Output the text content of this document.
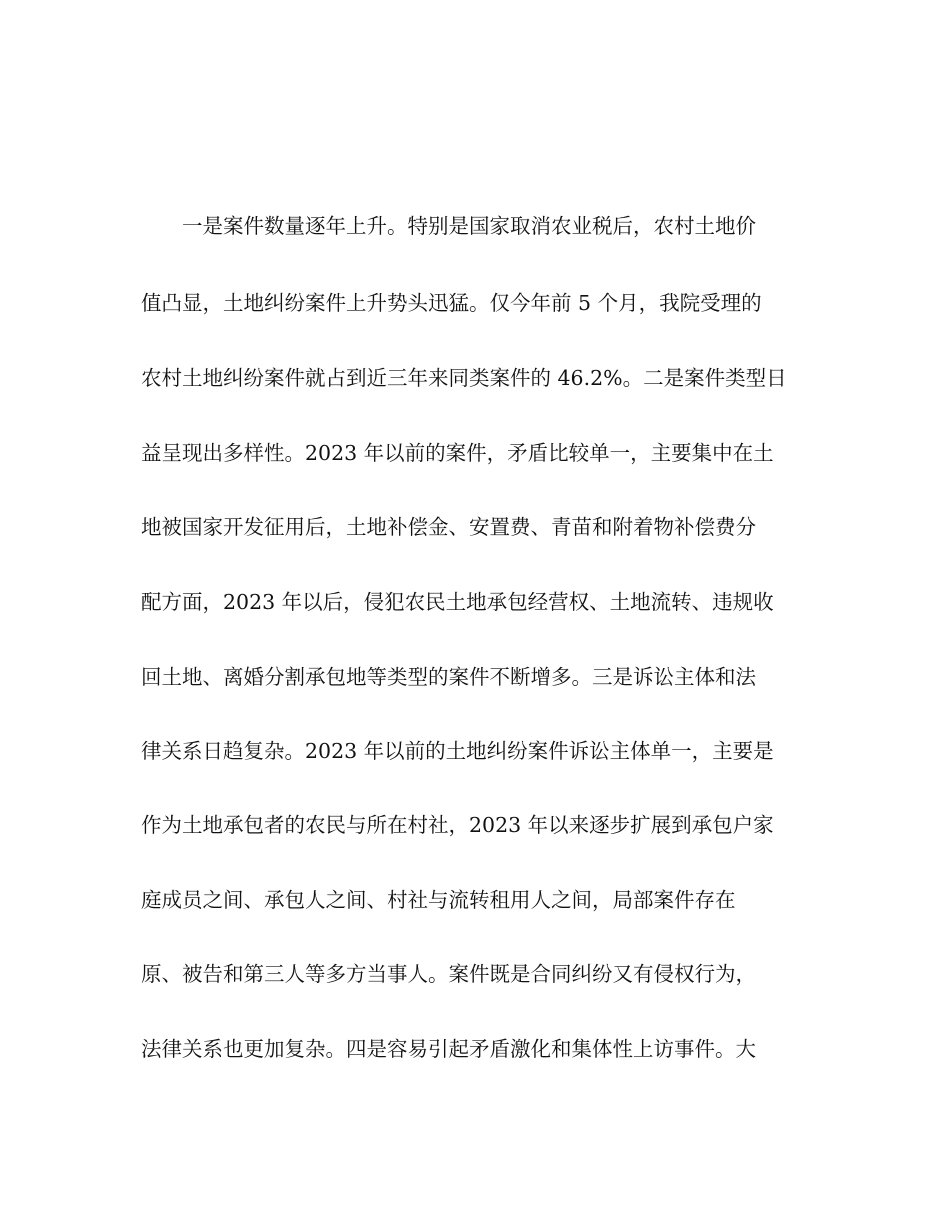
一是案件数量逐年上升。特别是国家取消农业税后，农村土地价
值凸显，土地纠纷案件上升势头迅猛。仅今年前 5 个月，我院受理的
农村土地纠纷案件就占到近三年来同类案件的 46.2%。二是案件类型日
益呈现出多样性。2023 年以前的案件，矛盾比较单一，主要集中在土
地被国家开发征用后，土地补偿金、安置费、青苗和附着物补偿费分
配方面，2023 年以后，侵犯农民土地承包经营权、土地流转、违规收
回土地、离婚分割承包地等类型的案件不断增多。三是诉讼主体和法
律关系日趋复杂。2023 年以前的土地纠纷案件诉讼主体单一，主要是
作为土地承包者的农民与所在村社，2023 年以来逐步扩展到承包户家
庭成员之间、承包人之间、村社与流转租用人之间，局部案件存在
原、被告和第三人等多方当事人。案件既是合同纠纷又有侵权行为，
法律关系也更加复杂。四是容易引起矛盾激化和集体性上访事件。大
